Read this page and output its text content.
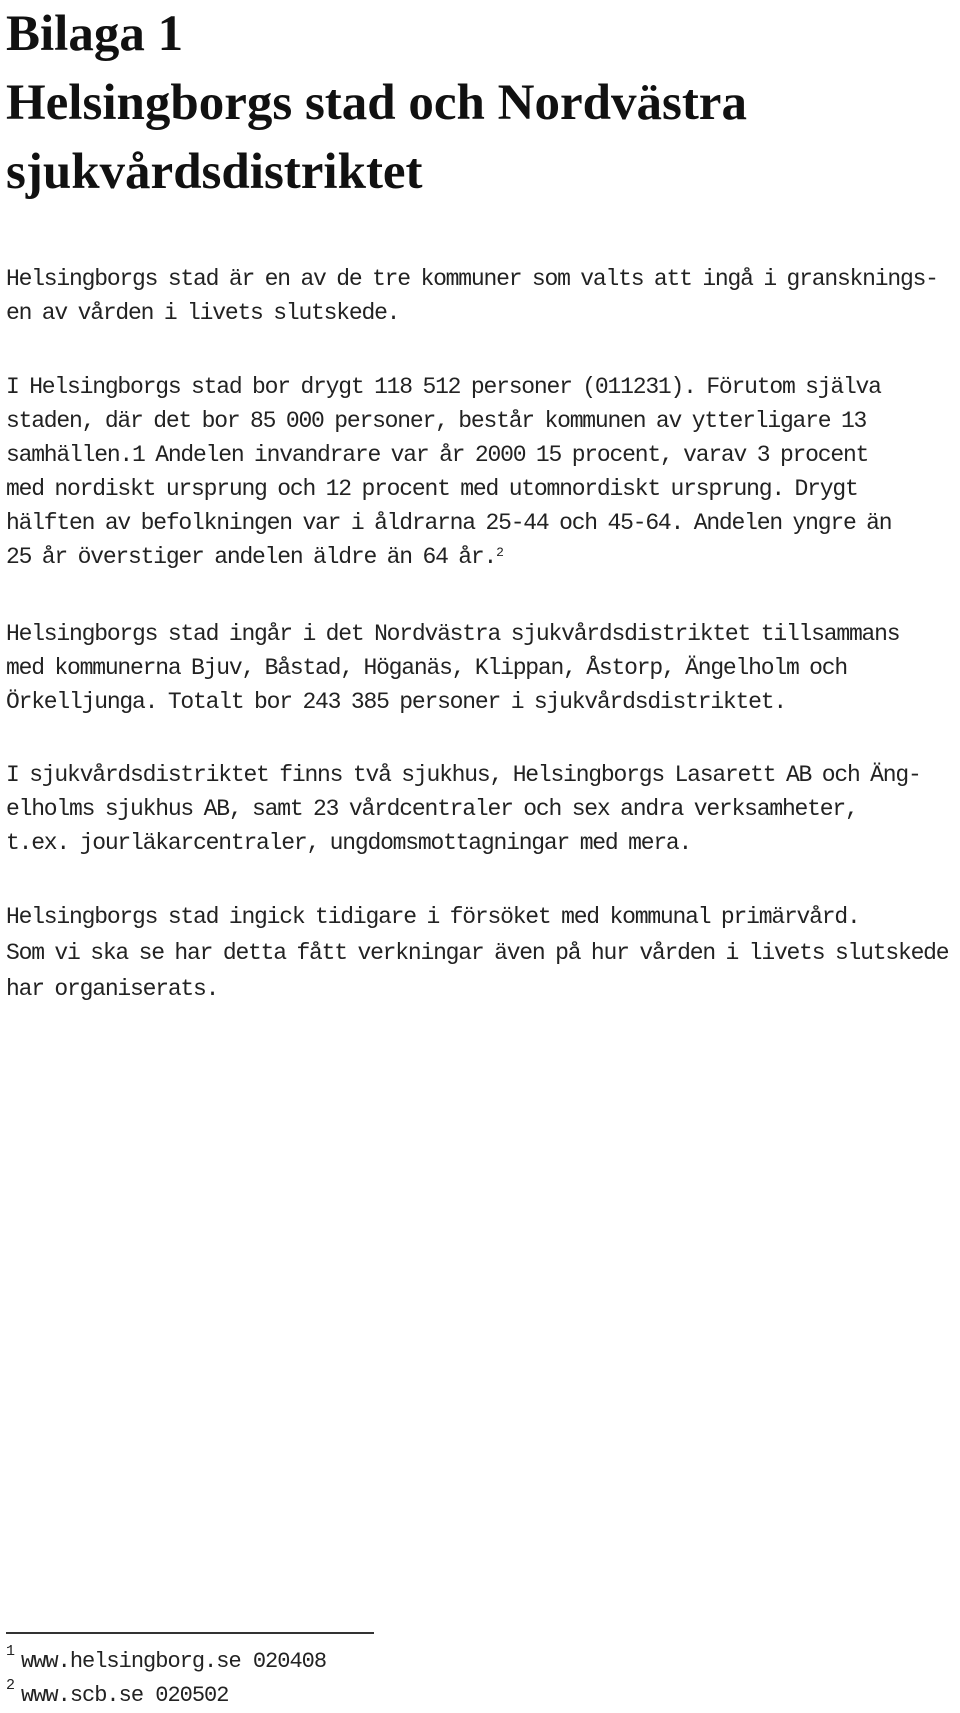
Bilaga 1
Helsingborgs stad och Nordvästra
sjukvårdsdistriktet

Helsingborgs stad är en av de tre kommuner som valts att ingå i gransknings-
en av vården i livets slutskede.

I Helsingborgs stad bor drygt 118 512 personer (011231). Förutom själva
staden, där det bor 85 000 personer, består kommunen av ytterligare 13
samhällen.1 Andelen invandrare var år 2000 15 procent, varav 3 procent
med nordiskt ursprung och 12 procent med utomnordiskt ursprung. Drygt
hälften av befolkningen var i åldrarna 25-44 och 45-64. Andelen yngre än
25 år överstiger andelen äldre än 64 år.$^2$

Helsingborgs stad ingår i det Nordvästra sjukvårdsdistriktet tillsammans
med kommunerna Bjuv, Båstad, Höganäs, Klippan, Åstorp, Ängelholm och
Örkelljunga. Totalt bor 243 385 personer i sjukvårdsdistriktet.

I sjukvårdsdistriktet finns två sjukhus, Helsingborgs Lasarett AB och Äng-
elholms sjukhus AB, samt 23 vårdcentraler och sex andra verksamheter,
t.ex. jourläkarcentraler, ungdomsmottagningar med mera.

Helsingborgs stad ingick tidigare i försöket med kommunal primärvård.
Som vi ska se har detta fått verkningar även på hur vården i livets slutskede
har organiserats.

$^1$ www.helsingborg.se 020408

$^2$ www.scb.se 020502
